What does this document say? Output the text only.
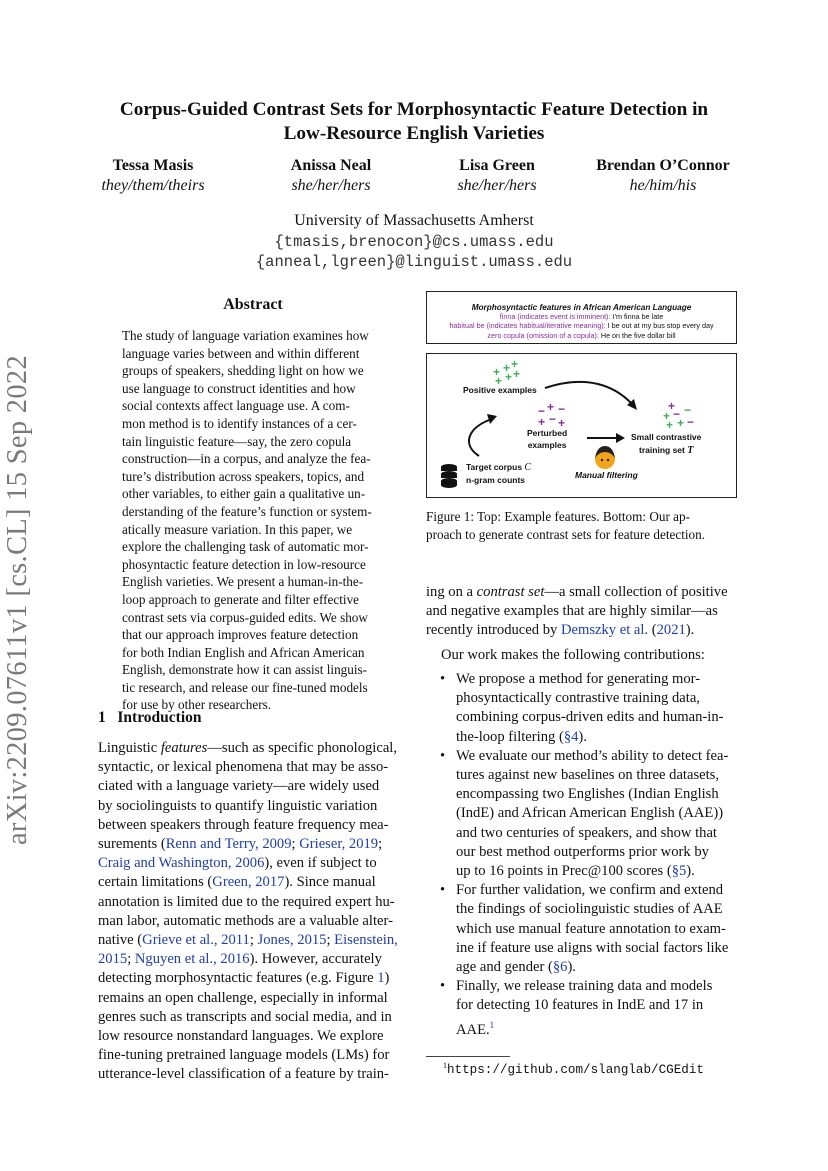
arXiv:2209.07611v1 [cs.CL] 15 Sep 2022
Corpus-Guided Contrast Sets for Morphosyntactic Feature Detection in
Low-Resource English Varieties
Tessa Masis
they/them/theirs
Anissa Neal
she/her/hers
Lisa Green
she/her/hers
Brendan O’Connor
he/him/his
University of Massachusetts Amherst
{tmasis,brenocon}@cs.umass.edu
{anneal,lgreen}@linguist.umass.edu
Abstract
The study of language variation examines how
language varies between and within different
groups of speakers, shedding light on how we
use language to construct identities and how
social contexts affect language use. A com-
mon method is to identify instances of a cer-
tain linguistic feature—say, the zero copula
construction—in a corpus, and analyze the fea-
ture’s distribution across speakers, topics, and
other variables, to either gain a qualitative un-
derstanding of the feature’s function or system-
atically measure variation. In this paper, we
explore the challenging task of automatic mor-
phosyntactic feature detection in low-resource
English varieties. We present a human-in-the-
loop approach to generate and filter effective
contrast sets via corpus-guided edits. We show
that our approach improves feature detection
for both Indian English and African American
English, demonstrate how it can assist linguis-
tic research, and release our fine-tuned models
for use by other researchers.
1 Introduction
Linguistic features—such as specific phonological,
syntactic, or lexical phenomena that may be asso-
ciated with a language variety—are widely used
by sociolinguists to quantify linguistic variation
between speakers through feature frequency mea-
surements (Renn and Terry, 2009; Grieser, 2019;
Craig and Washington, 2006), even if subject to
certain limitations (Green, 2017). Since manual
annotation is limited due to the required expert hu-
man labor, automatic methods are a valuable alter-
native (Grieve et al., 2011; Jones, 2015; Eisenstein,
2015; Nguyen et al., 2016). However, accurately
detecting morphosyntactic features (e.g. Figure 1)
remains an open challenge, especially in informal
genres such as transcripts and social media, and in
low resource nonstandard languages. We explore
fine-tuning pretrained language models (LMs) for
utterance-level classification of a feature by train-
Morphosyntactic features in African American Language
finna (indicates event is imminent): I’m finna be late
habitual be (indicates habitual/iterative meaning): I be out at my bus stop every day
zero copula (omission of a copula): He on the five dollar bill
+ + +
+ + +
− + −
+ − +
+
+ − −
+ + −
Positive examples
Perturbed
examples
Small contrastive
training set T
Target corpus C
n-gram counts	Manual filtering
Figure 1: Top: Example features. Bottom: Our ap-
proach to generate contrast sets for feature detection.
ing on a contrast set—a small collection of positive
and negative examples that are highly similar—as
recently introduced by Demszky et al. (2021).
Our work makes the following contributions:
• We propose a method for generating mor-
phosyntactically contrastive training data,
combining corpus-driven edits and human-in-
the-loop filtering (§4).
• We evaluate our method’s ability to detect fea-
tures against new baselines on three datasets,
encompassing two Englishes (Indian English
(IndE) and African American English (AAE))
and two centuries of speakers, and show that
our best method outperforms prior work by
up to 16 points in Prec@100 scores (§5).
• For further validation, we confirm and extend
the findings of sociolinguistic studies of AAE
which use manual feature annotation to exam-
ine if feature use aligns with social factors like
age and gender (§6).
• Finally, we release training data and models
for detecting 10 features in IndE and 17 in
AAE.$^1$
$^1$https://github.com/slanglab/CGEdit
